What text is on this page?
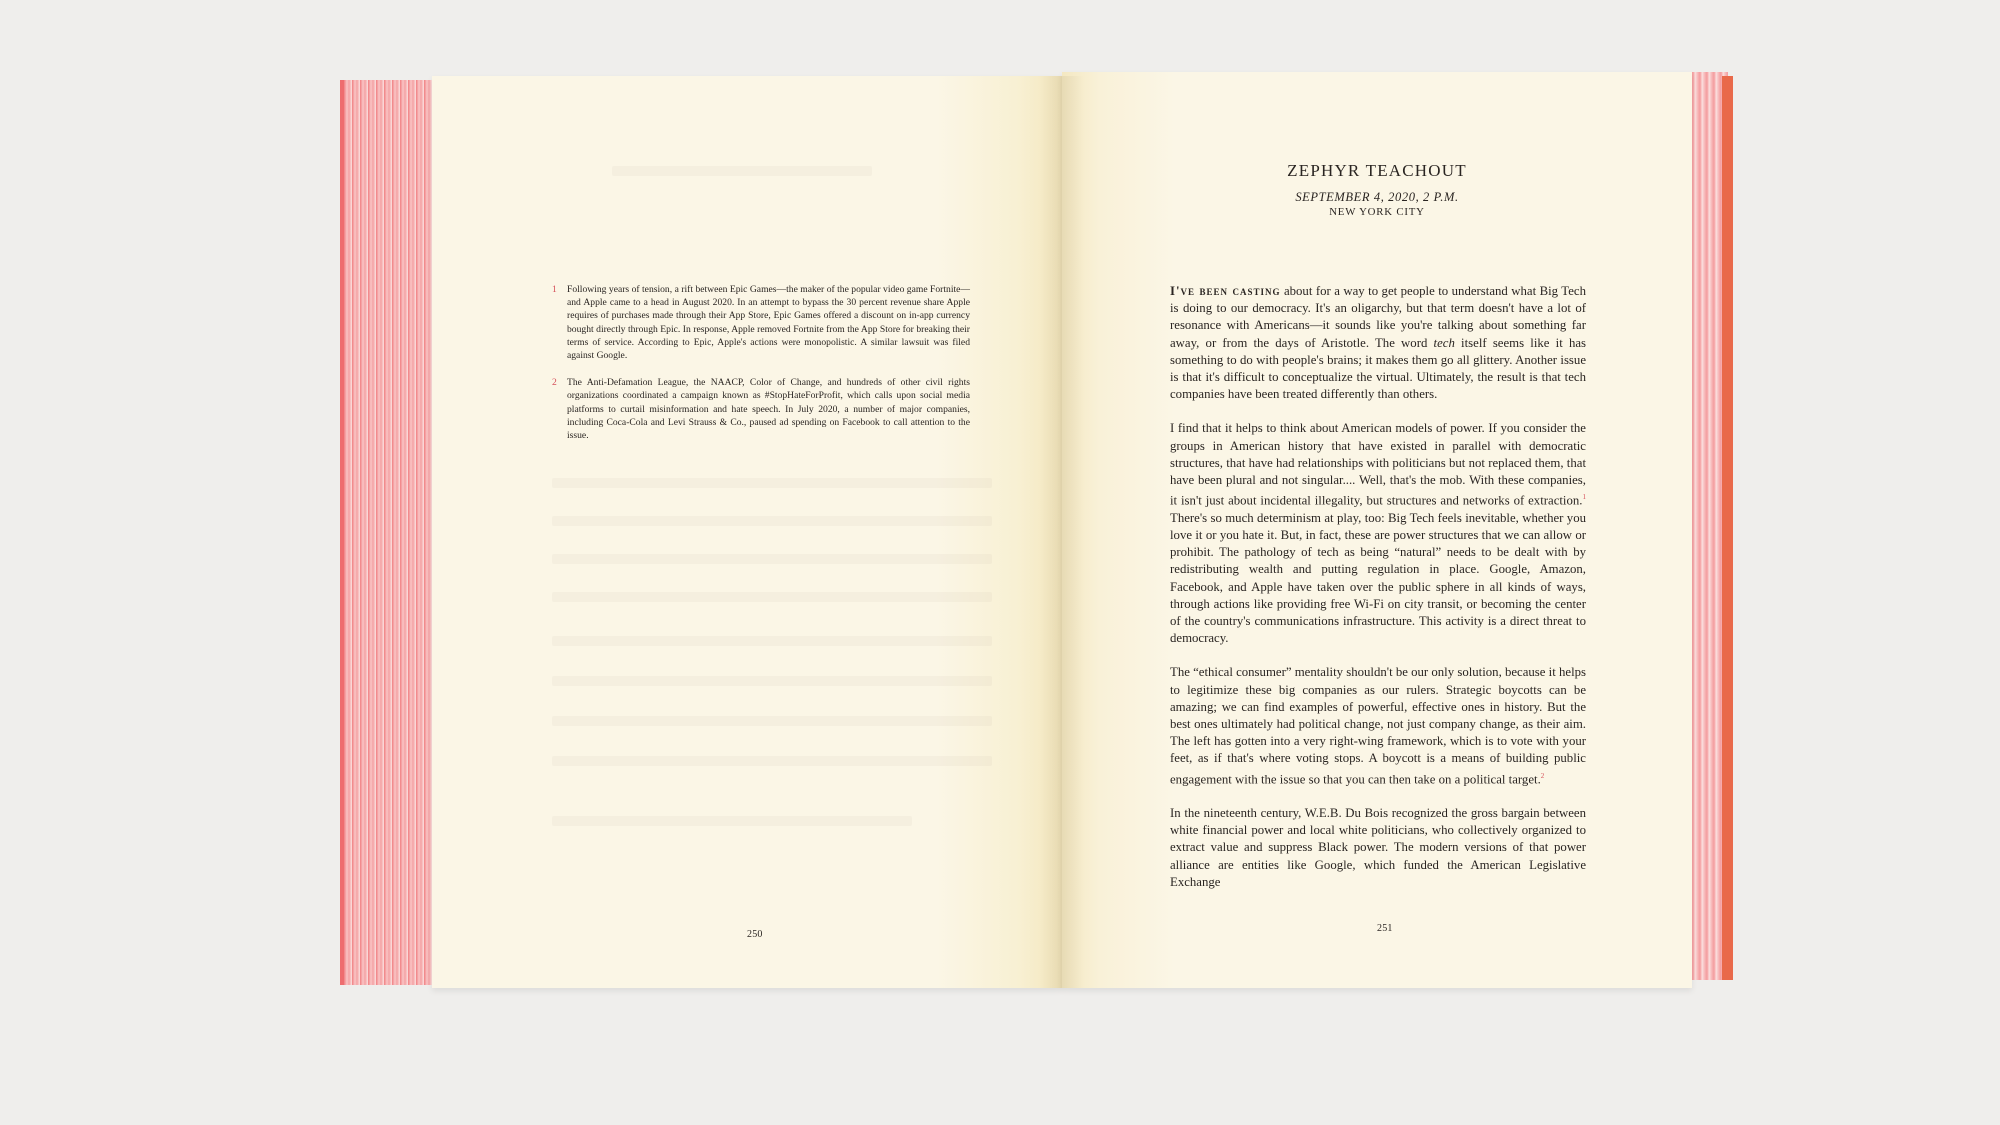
1 Following years of tension, a rift between Epic Games—the maker of the popular video game Fortnite—and Apple came to a head in August 2020. In an attempt to bypass the 30 percent revenue share Apple requires of purchases made through their App Store, Epic Games offered a discount on in-app currency bought directly through Epic. In response, Apple removed Fortnite from the App Store for breaking their terms of service. According to Epic, Apple's actions were monopolistic. A similar lawsuit was filed against Google.
2 The Anti-Defamation League, the NAACP, Color of Change, and hundreds of other civil rights organizations coordinated a campaign known as #StopHateForProfit, which calls upon social media platforms to curtail misinformation and hate speech. In July 2020, a number of major companies, including Coca-Cola and Levi Strauss & Co., paused ad spending on Facebook to call attention to the issue.
250
ZEPHYR TEACHOUT
SEPTEMBER 4, 2020, 2 P.M.
NEW YORK CITY

I've been casting about for a way to get people to understand what Big Tech is doing to our democracy. It's an oligarchy, but that term doesn't have a lot of resonance with Americans—it sounds like you're talking about something far away, or from the days of Aristotle. The word tech itself seems like it has something to do with people's brains; it makes them go all glittery. Another issue is that it's difficult to conceptualize the virtual. Ultimately, the result is that tech companies have been treated differently than others.

I find that it helps to think about American models of power. If you consider the groups in American history that have existed in parallel with democratic structures, that have had relationships with politicians but not replaced them, that have been plural and not singular.... Well, that's the mob. With these companies, it isn't just about incidental illegality, but structures and networks of extraction.$^1$ There's so much determinism at play, too: Big Tech feels inevitable, whether you love it or you hate it. But, in fact, these are power structures that we can allow or prohibit. The pathology of tech as being “natural” needs to be dealt with by redistributing wealth and putting regulation in place. Google, Amazon, Facebook, and Apple have taken over the public sphere in all kinds of ways, through actions like providing free Wi-Fi on city transit, or becoming the center of the country's communications infrastructure. This activity is a direct threat to democracy.

The “ethical consumer” mentality shouldn't be our only solution, because it helps to legitimize these big companies as our rulers. Strategic boycotts can be amazing; we can find examples of powerful, effective ones in history. But the best ones ultimately had political change, not just company change, as their aim. The left has gotten into a very right-wing framework, which is to vote with your feet, as if that's where voting stops. A boycott is a means of building public engagement with the issue so that you can then take on a political target.$^2$

In the nineteenth century, W.E.B. Du Bois recognized the gross bargain between white financial power and local white politicians, who collectively organized to extract value and suppress Black power. The modern versions of that power alliance are entities like Google, which funded the American Legislative Exchange

251
